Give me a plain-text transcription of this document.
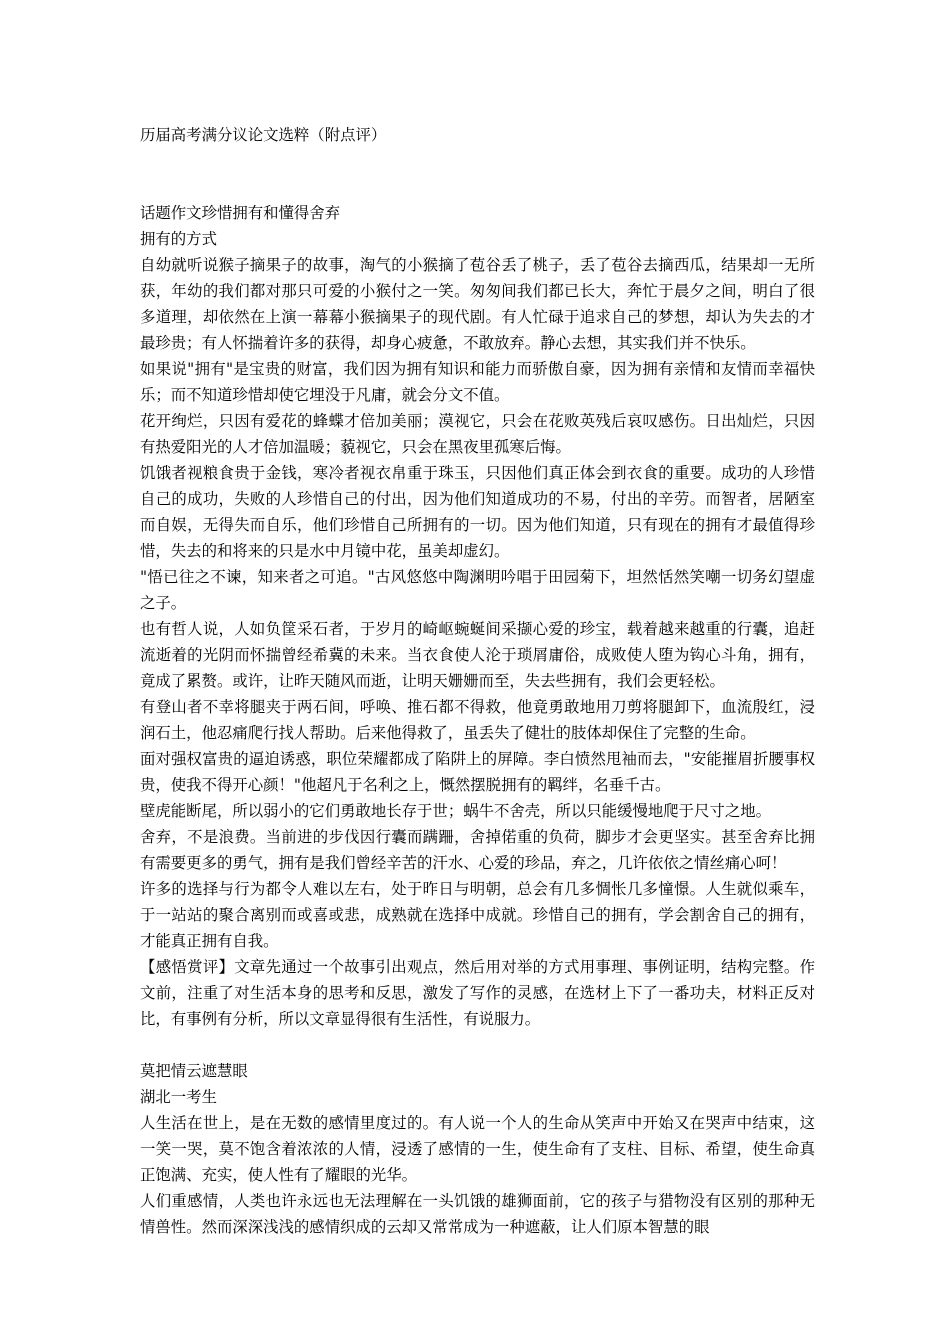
历届高考满分议论文选粹（附点评）

话题作文珍惜拥有和懂得舍弃

拥有的方式

自幼就听说猴子摘果子的故事，淘气的小猴摘了苞谷丢了桃子，丢了苞谷去摘西瓜，结果却一无所获，年幼的我们都对那只可爱的小猴付之一笑。匆匆间我们都已长大，奔忙于晨夕之间，明白了很多道理，却依然在上演一幕幕小猴摘果子的现代剧。有人忙碌于追求自己的梦想，却认为失去的才最珍贵；有人怀揣着许多的获得，却身心疲惫，不敢放弃。静心去想，其实我们并不快乐。

如果说"拥有"是宝贵的财富，我们因为拥有知识和能力而骄傲自豪，因为拥有亲情和友情而幸福快乐；而不知道珍惜却使它埋没于凡庸，就会分文不值。

花开绚烂，只因有爱花的蜂蝶才倍加美丽；漠视它，只会在花败英残后哀叹感伤。日出灿烂，只因有热爱阳光的人才倍加温暖；藐视它，只会在黑夜里孤寒后悔。

饥饿者视粮食贵于金钱，寒冷者视衣帛重于珠玉，只因他们真正体会到衣食的重要。成功的人珍惜自己的成功，失败的人珍惜自己的付出，因为他们知道成功的不易，付出的辛劳。而智者，居陋室而自娱，无得失而自乐，他们珍惜自己所拥有的一切。因为他们知道，只有现在的拥有才最值得珍惜，失去的和将来的只是水中月镜中花，虽美却虚幻。

"悟已往之不谏，知来者之可追。"古风悠悠中陶渊明吟唱于田园菊下，坦然恬然笑嘲一切务幻望虚之子。

也有哲人说，人如负筐采石者，于岁月的崎岖蜿蜒间采撷心爱的珍宝，载着越来越重的行囊，追赶流逝着的光阴而怀揣曾经希冀的未来。当衣食使人沦于琐屑庸俗，成败使人堕为钩心斗角，拥有，竟成了累赘。或许，让昨天随风而逝，让明天姗姗而至，失去些拥有，我们会更轻松。

有登山者不幸将腿夹于两石间，呼唤、推石都不得救，他竟勇敢地用刀剪将腿卸下，血流殷红，浸润石土，他忍痛爬行找人帮助。后来他得救了，虽丢失了健壮的肢体却保住了完整的生命。

面对强权富贵的逼迫诱惑，职位荣耀都成了陷阱上的屏障。李白愤然甩袖而去，"安能摧眉折腰事权贵，使我不得开心颜！"他超凡于名利之上，慨然摆脱拥有的羁绊，名垂千古。

壁虎能断尾，所以弱小的它们勇敢地长存于世；蜗牛不舍壳，所以只能缓慢地爬于尺寸之地。

舍弃，不是浪费。当前进的步伐因行囊而蹒跚，舍掉偌重的负荷，脚步才会更坚实。甚至舍弃比拥有需要更多的勇气，拥有是我们曾经辛苦的汗水、心爱的珍品，弃之，几许依依之情丝痛心呵！

许多的选择与行为都令人难以左右，处于昨日与明朝，总会有几多惆怅几多憧憬。人生就似乘车，于一站站的聚合离别而或喜或悲，成熟就在选择中成就。珍惜自己的拥有，学会割舍自己的拥有，才能真正拥有自我。

【感悟赏评】文章先通过一个故事引出观点，然后用对举的方式用事理、事例证明，结构完整。作文前，注重了对生活本身的思考和反思，激发了写作的灵感，在选材上下了一番功夫，材料正反对比，有事例有分析，所以文章显得很有生活性，有说服力。

莫把情云遮慧眼

湖北一考生

人生活在世上，是在无数的感情里度过的。有人说一个人的生命从笑声中开始又在哭声中结束，这一笑一哭，莫不饱含着浓浓的人情，浸透了感情的一生，使生命有了支柱、目标、希望，使生命真正饱满、充实，使人性有了耀眼的光华。

人们重感情，人类也许永远也无法理解在一头饥饿的雄狮面前，它的孩子与猎物没有区别的那种无情兽性。然而深深浅浅的感情织成的云却又常常成为一种遮蔽，让人们原本智慧的眼
